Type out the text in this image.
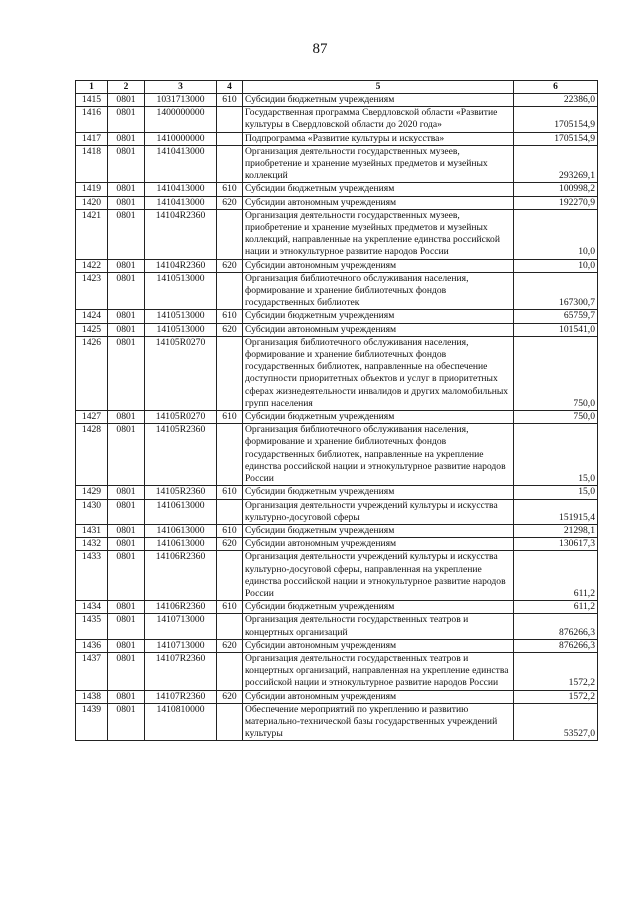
87
1	2	3	4	5	6
1415	0801	1031713000	610	Субсидии бюджетным учреждениям	22386,0
1416	0801	1400000000		Государственная программа Свердловской области «Развитие культуры в Свердловской области до 2020 года»	1705154,9
1417	0801	1410000000		Подпрограмма «Развитие культуры и искусства»	1705154,9
1418	0801	1410413000		Организация деятельности государственных музеев, приобретение и хранение музейных предметов и музейных коллекций	293269,1
1419	0801	1410413000	610	Субсидии бюджетным учреждениям	100998,2
1420	0801	1410413000	620	Субсидии автономным учреждениям	192270,9
1421	0801	14104R2360		Организация деятельности государственных музеев, приобретение и хранение музейных предметов и музейных коллекций, направленные на укрепление единства российской нации и этнокультурное развитие народов России	10,0
1422	0801	14104R2360	620	Субсидии автономным учреждениям	10,0
1423	0801	1410513000		Организация библиотечного обслуживания населения, формирование и хранение библиотечных фондов государственных библиотек	167300,7
1424	0801	1410513000	610	Субсидии бюджетным учреждениям	65759,7
1425	0801	1410513000	620	Субсидии автономным учреждениям	101541,0
1426	0801	14105R0270		Организация библиотечного обслуживания населения, формирование и хранение библиотечных фондов государственных библиотек, направленные на обеспечение доступности приоритетных объектов и услуг в приоритетных сферах жизнедеятельности инвалидов и других маломобильных групп населения	750,0
1427	0801	14105R0270	610	Субсидии бюджетным учреждениям	750,0
1428	0801	14105R2360		Организация библиотечного обслуживания населения, формирование и хранение библиотечных фондов государственных библиотек, направленные на укрепление единства российской нации и этнокультурное развитие народов России	15,0
1429	0801	14105R2360	610	Субсидии бюджетным учреждениям	15,0
1430	0801	1410613000		Организация деятельности учреждений культуры и искусства культурно-досуговой сферы	151915,4
1431	0801	1410613000	610	Субсидии бюджетным учреждениям	21298,1
1432	0801	1410613000	620	Субсидии автономным учреждениям	130617,3
1433	0801	14106R2360		Организация деятельности учреждений культуры и искусства культурно-досуговой сферы, направленная на укрепление единства российской нации и этнокультурное развитие народов России	611,2
1434	0801	14106R2360	610	Субсидии бюджетным учреждениям	611,2
1435	0801	1410713000		Организация деятельности государственных театров и концертных организаций	876266,3
1436	0801	1410713000	620	Субсидии автономным учреждениям	876266,3
1437	0801	14107R2360		Организация деятельности государственных театров и концертных организаций, направленная на укрепление единства российской нации и этнокультурное развитие народов России	1572,2
1438	0801	14107R2360	620	Субсидии автономным учреждениям	1572,2
1439	0801	1410810000		Обеспечение мероприятий по укреплению и развитию материально-технической базы государственных учреждений культуры	53527,0
